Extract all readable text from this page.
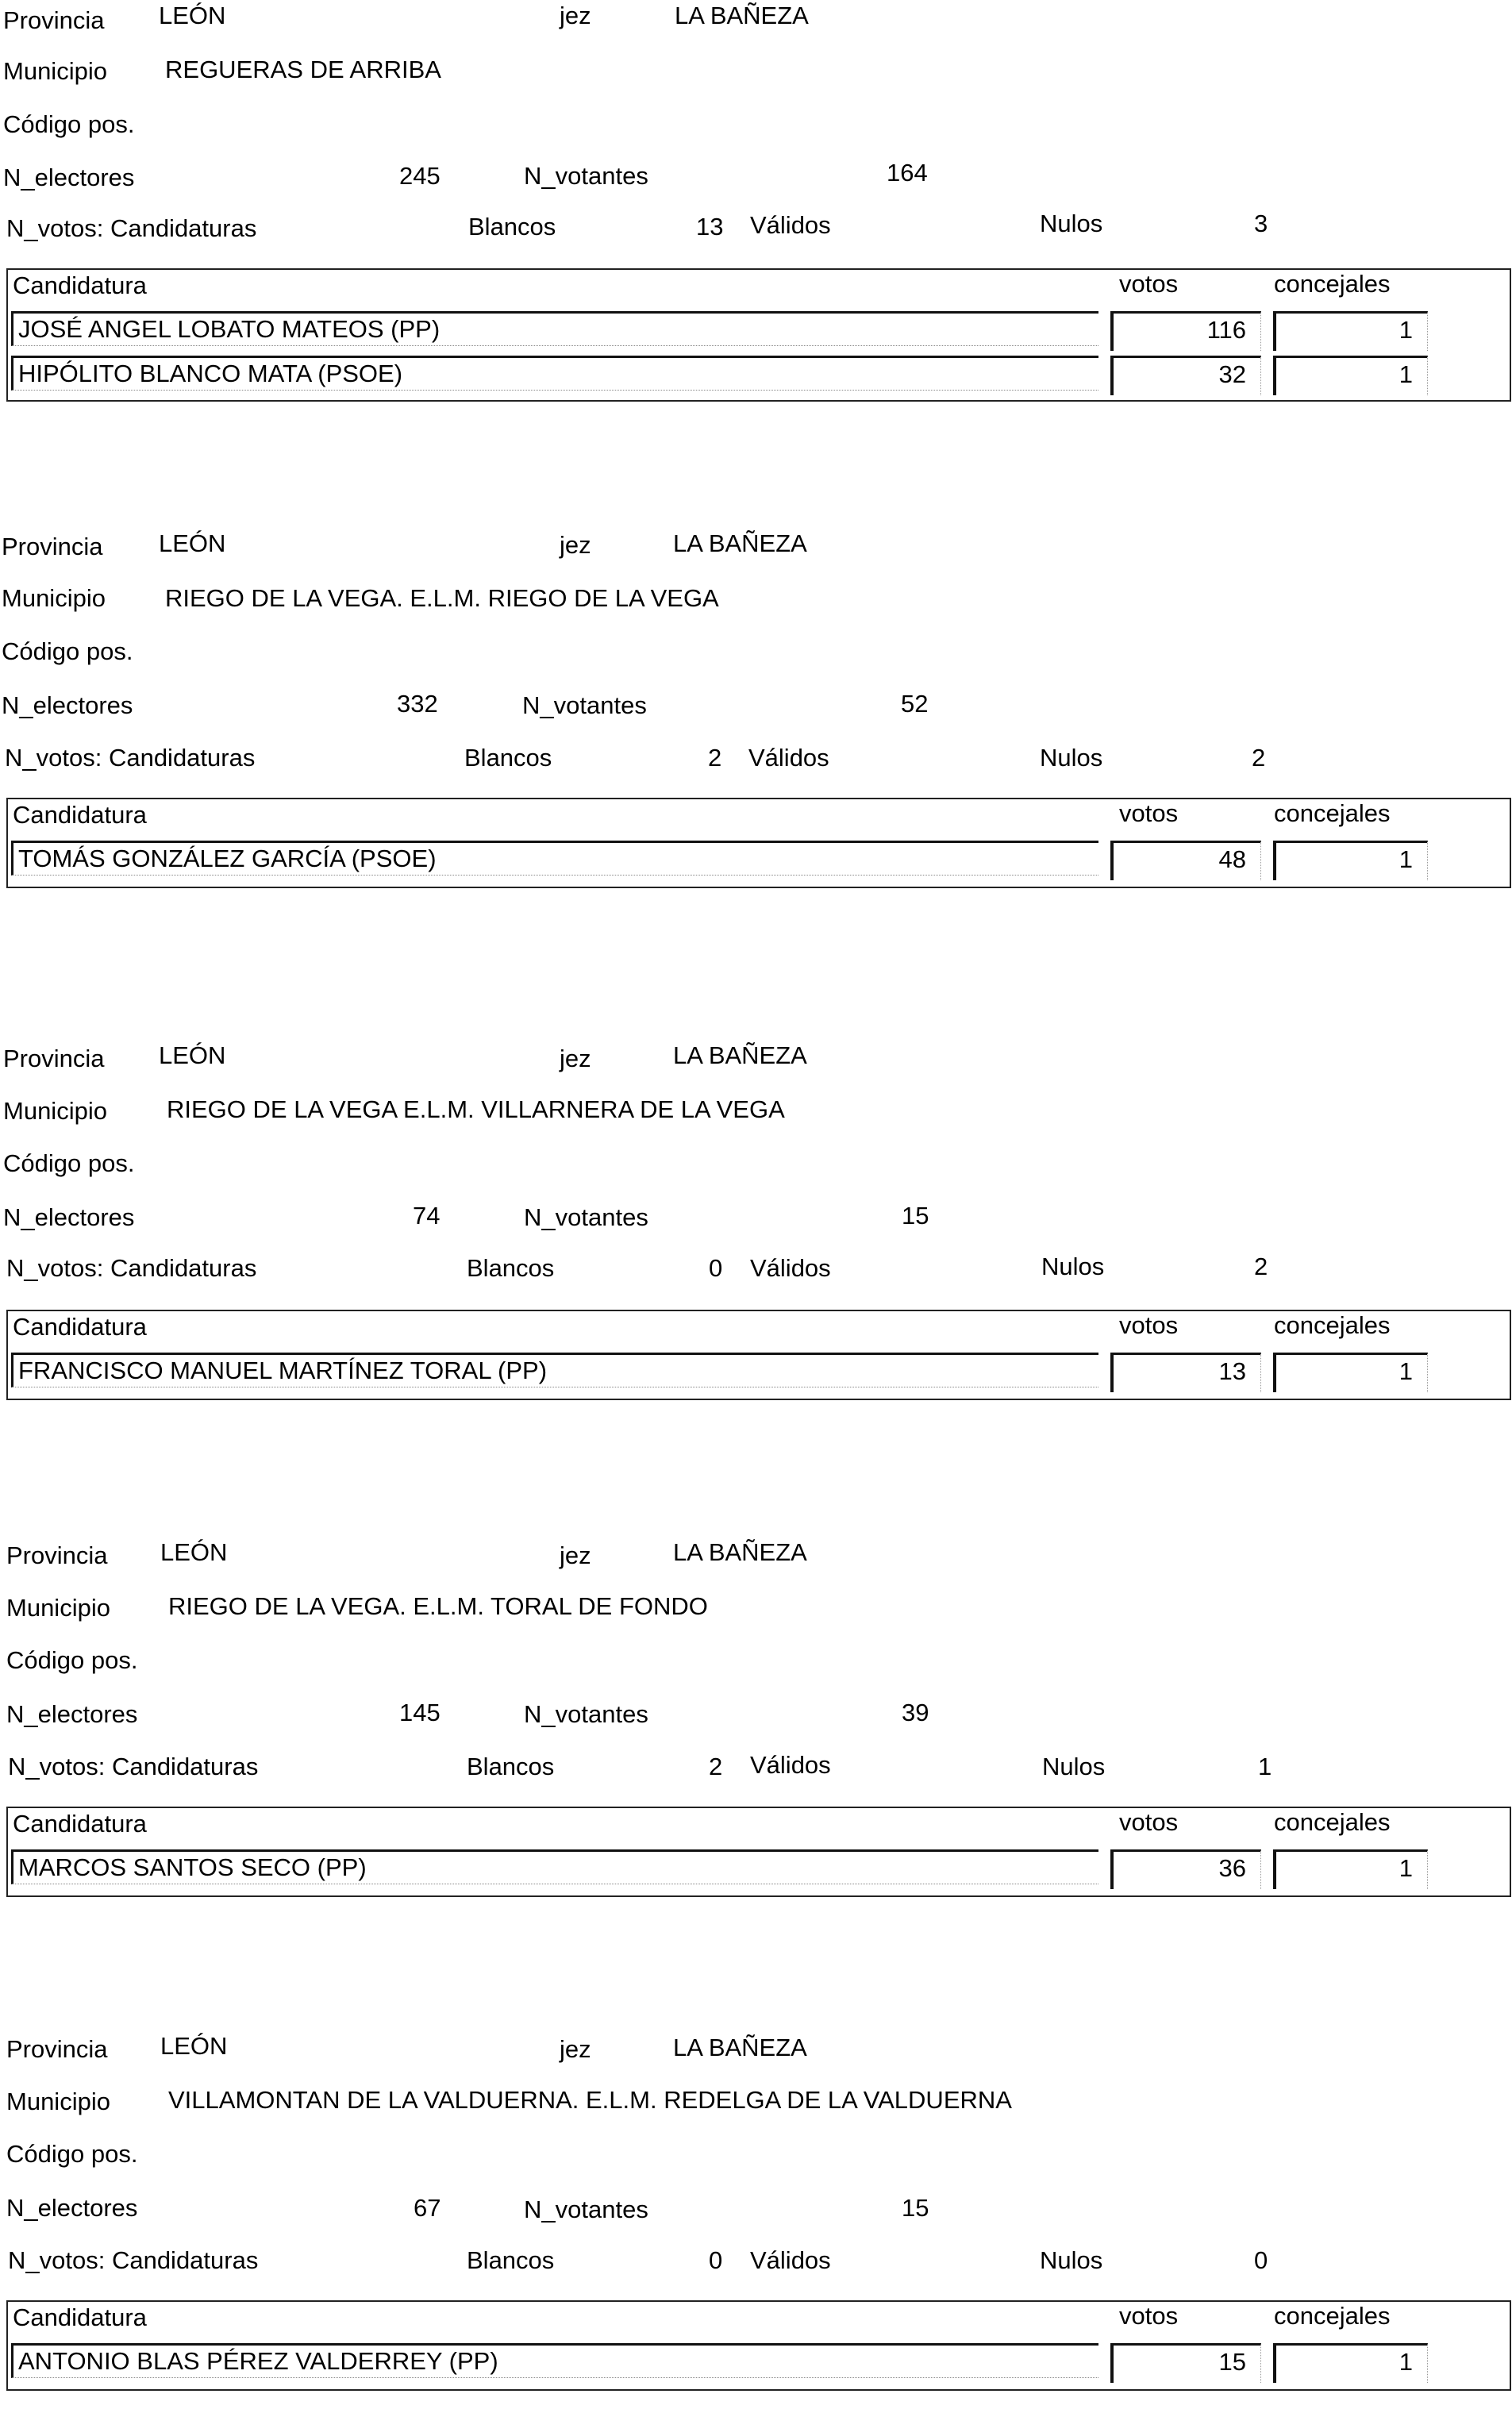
Provincia LEÓN	jez	LA BAÑEZA
Municipio REGUERAS DE ARRIBA
Código pos.
N_electores	245	N_votantes	164
N_votos: Candidaturas	Blancos	13 Válidos	Nulos	3
Candidatura	votos	concejales
JOSÉ ANGEL LOBATO MATEOS (PP)	116	1
HIPÓLITO BLANCO MATA (PSOE)	32	1
Provincia LEÓN	jez	LA BAÑEZA
Municipio RIEGO DE LA VEGA. E.L.M. RIEGO DE LA VEGA
Código pos.
N_electores	332	N_votantes	52
N_votos: Candidaturas	Blancos	2 Válidos	Nulos	2
Candidatura	votos	concejales
TOMÁS GONZÁLEZ GARCÍA (PSOE)	48	1
Provincia LEÓN	jez	LA BAÑEZA
Municipio RIEGO DE LA VEGA E.L.M. VILLARNERA DE LA VEGA
Código pos.
N_electores	74	N_votantes	15
N_votos: Candidaturas	Blancos	0 Válidos	Nulos	2
Candidatura	votos	concejales
FRANCISCO MANUEL MARTÍNEZ TORAL (PP)	13	1
Provincia LEÓN	jez	LA BAÑEZA
Municipio RIEGO DE LA VEGA. E.L.M. TORAL DE FONDO
Código pos.
N_electores	145	N_votantes	39
N_votos: Candidaturas	Blancos	2 Válidos	Nulos	1
Candidatura	votos	concejales
MARCOS SANTOS SECO (PP)	36	1
Provincia LEÓN	jez	LA BAÑEZA
Municipio VILLAMONTAN DE LA VALDUERNA. E.L.M. REDELGA DE LA VALDUERNA
Código pos.
N_electores	67	N_votantes	15
N_votos: Candidaturas	Blancos	0 Válidos	Nulos	0
Candidatura	votos	concejales
ANTONIO BLAS PÉREZ VALDERREY (PP)	15	1
